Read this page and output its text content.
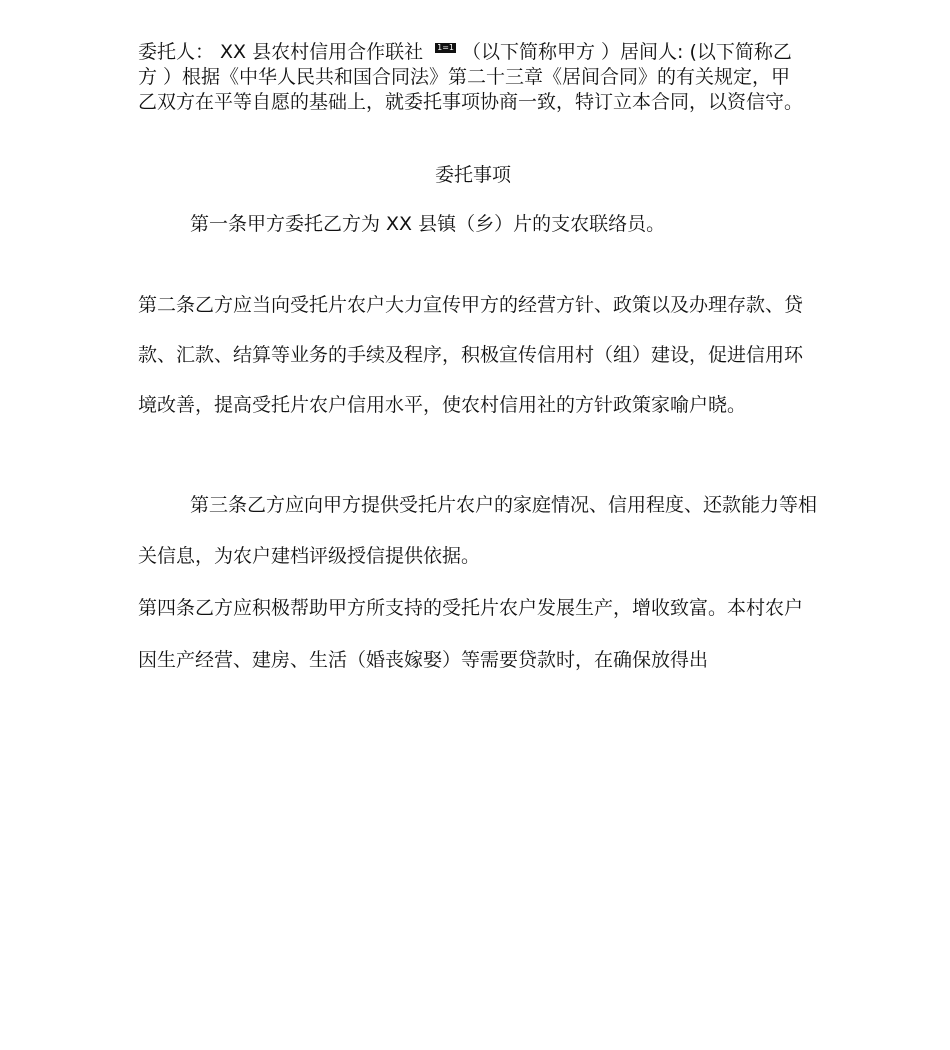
委托人： XX 县农村信用合作联社 1=1 （以下简称甲方 ）居间人: (以下简称乙方 ）根据《中华人民共和国合同法》第二十三章《居间合同》的有关规定，甲乙双方在平等自愿的基础上，就委托事项协商一致，特订立本合同，以资信守。

委托事项

第一条甲方委托乙方为 XX 县镇（乡）片的支农联络员。

第二条乙方应当向受托片农户大力宣传甲方的经营方针、政策以及办理存款、贷款、汇款、结算等业务的手续及程序，积极宣传信用村（组）建设，促进信用环境改善，提高受托片农户信用水平，使农村信用社的方针政策家喻户晓。

第三条乙方应向甲方提供受托片农户的家庭情况、信用程度、还款能力等相关信息，为农户建档评级授信提供依据。

第四条乙方应积极帮助甲方所支持的受托片农户发展生产，增收致富。本村农户因生产经营、建房、生活（婚丧嫁娶）等需要贷款时，在确保放得出
